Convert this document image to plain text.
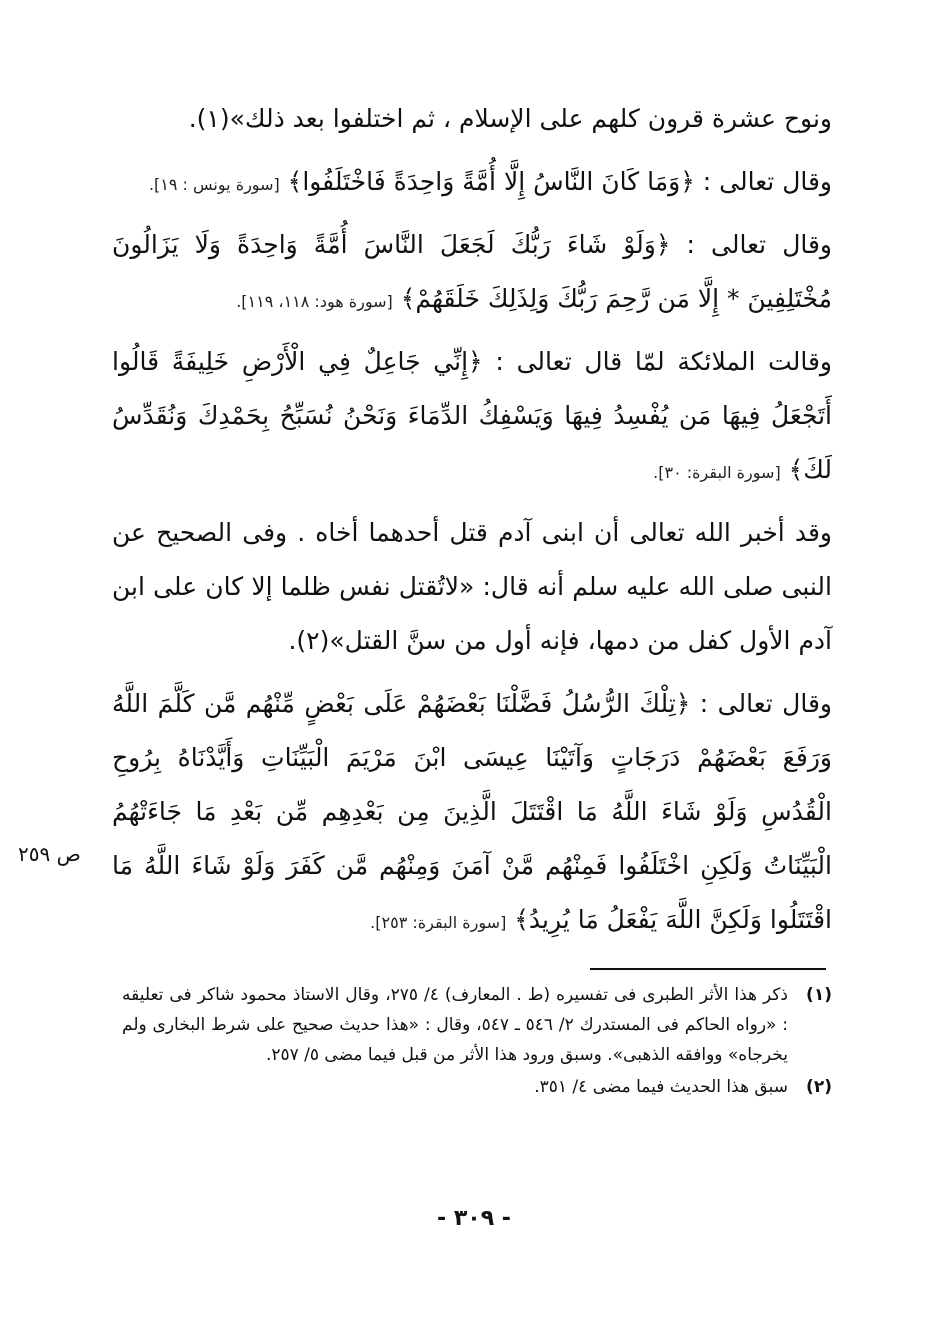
ونوح عشرة قرون كلهم على الإسلام ، ثم اختلفوا بعد ذلك»(١).

وقال تعالى : ﴿وَمَا كَانَ النَّاسُ إِلَّا أُمَّةً وَاحِدَةً فَاخْتَلَفُوا﴾ [سورة يونس : ١٩].

وقال تعالى : ﴿وَلَوْ شَاءَ رَبُّكَ لَجَعَلَ النَّاسَ أُمَّةً وَاحِدَةً وَلَا يَزَالُونَ مُخْتَلِفِينَ * إِلَّا مَن رَّحِمَ رَبُّكَ وَلِذَلِكَ خَلَقَهُمْ﴾ [سورة هود: ١١٨، ١١٩].

وقالت الملائكة لمّا قال تعالى : ﴿إِنِّي جَاعِلٌ فِي الْأَرْضِ خَلِيفَةً قَالُوا أَتَجْعَلُ فِيهَا مَن يُفْسِدُ فِيهَا وَيَسْفِكُ الدِّمَاءَ وَنَحْنُ نُسَبِّحُ بِحَمْدِكَ وَنُقَدِّسُ لَكَ﴾ [سورة البقرة: ٣٠].

وقد أخبر الله تعالى أن ابنى آدم قتل أحدهما أخاه . وفى الصحيح عن النبى صلى الله عليه سلم أنه قال: «لاتُقتل نفس ظلما إلا كان على ابن آدم الأول كفل من دمها، فإنه أول من سنَّ القتل»(٢).

وقال تعالى : ﴿تِلْكَ الرُّسُلُ فَضَّلْنَا بَعْضَهُمْ عَلَى بَعْضٍ مِّنْهُم مَّن كَلَّمَ اللَّهُ وَرَفَعَ بَعْضَهُمْ دَرَجَاتٍ وَآتَيْنَا عِيسَى ابْنَ مَرْيَمَ الْبَيِّنَاتِ وَأَيَّدْنَاهُ بِرُوحِ الْقُدُسِ وَلَوْ شَاءَ اللَّهُ مَا اقْتَتَلَ الَّذِينَ مِن بَعْدِهِم مِّن بَعْدِ مَا جَاءَتْهُمُ الْبَيِّنَاتُ وَلَكِنِ اخْتَلَفُوا فَمِنْهُم مَّنْ آمَنَ وَمِنْهُم مَّن كَفَرَ وَلَوْ شَاءَ اللَّهُ مَا اقْتَتَلُوا وَلَكِنَّ اللَّهَ يَفْعَلُ مَا يُرِيدُ﴾ [سورة البقرة: ٢٥٣].

ص ٢٥٩
(١)
ذكر هذا الأثر الطبرى فى تفسيره (ط . المعارف) ٤/ ٢٧٥، وقال الاستاذ محمود شاكر فى تعليقه : «رواه الحاكم فى المستدرك ٢/ ٥٤٦ ـ ٥٤٧، وقال : «هذا حديث صحيح على شرط البخارى ولم يخرجاه» ووافقه الذهبى». وسبق ورود هذا الأثر من قبل فيما مضى ٥/ ٢٥٧.
(٢)
سبق هذا الحديث فيما مضى ٤/ ٣٥١.
- ٣٠٩ -
